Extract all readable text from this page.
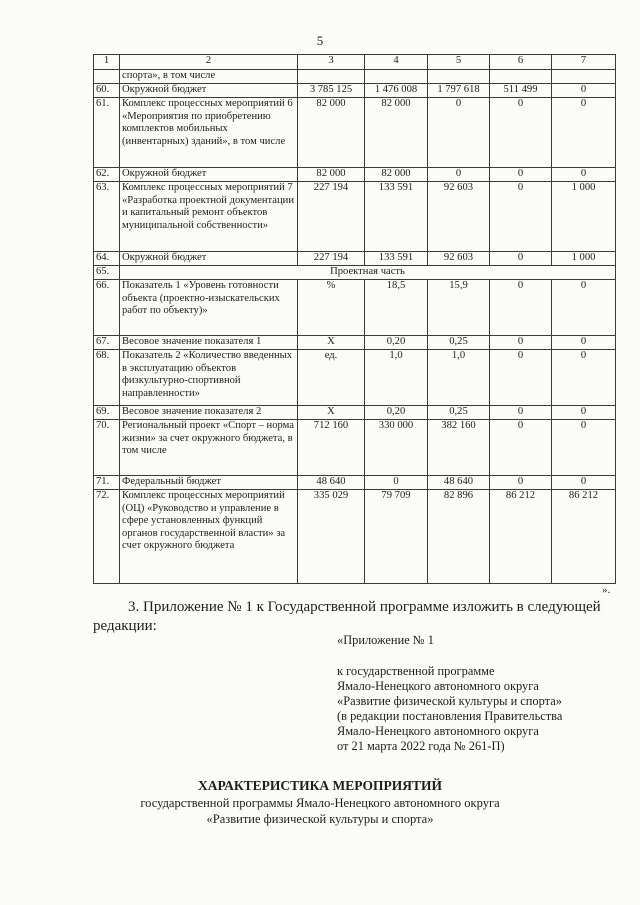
5
1	2	3	4	5	6	7
	спорта», в том числе					
60.	Окружной бюджет	3 785 125	1 476 008	1 797 618	511 499	0
61.	Комплекс процессных мероприятий 6 «Мероприятия по приобретению комплектов мобильных (инвентарных) зданий», в том числе	82 000	82 000	0	0	0
62.	Окружной бюджет	82 000	82 000	0	0	0
63.	Комплекс процессных мероприятий 7 «Разработка проектной документации и капитальный ремонт объектов муниципальной собственности»	227 194	133 591	92 603	0	1 000
64.	Окружной бюджет	227 194	133 591	92 603	0	1 000
65.	Проектная часть					
66.	Показатель 1 «Уровень готовности объекта (проектно-изыскательских работ по объекту)»	%	18,5	15,9	0	0
67.	Весовое значение показателя 1	X	0,20	0,25	0	0
68.	Показатель 2 «Количество введенных в эксплуатацию объектов физкультурно-спортивной направленности»	ед.	1,0	1,0	0	0
69.	Весовое значение показателя 2	X	0,20	0,25	0	0
70.	Региональный проект «Спорт – норма жизни» за счет окружного бюджета, в том числе	712 160	330 000	382 160	0	0
71.	Федеральный бюджет	48 640	0	48 640	0	0
72.	Комплекс процессных мероприятий (ОЦ) «Руководство и управление в сфере установленных функций органов государственной власти» за счет окружного бюджета	335 029	79 709	82 896	86 212	86 212
».
3. Приложение № 1 к Государственной программе изложить в следующей редакции:
«Приложение № 1
к государственной программе
Ямало-Ненецкого автономного округа
«Развитие физической культуры и спорта»
(в редакции постановления Правительства
Ямало-Ненецкого автономного округа
от 21 марта 2022 года № 261-П)
ХАРАКТЕРИСТИКА МЕРОПРИЯТИЙ
государственной программы Ямало-Ненецкого автономного округа
«Развитие физической культуры и спорта»
